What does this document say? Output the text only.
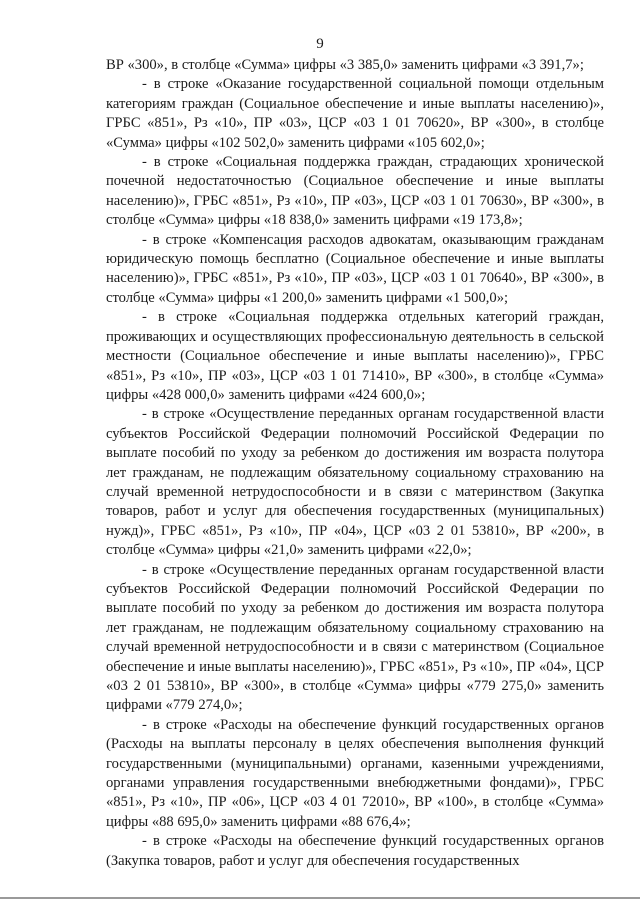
9

ВР «300», в столбце «Сумма» цифры «3 385,0» заменить цифрами «3 391,7»;

- в строке «Оказание государственной социальной помощи отдельным категориям граждан (Социальное обеспечение и иные выплаты населению)», ГРБС «851», Рз «10», ПР «03», ЦСР «03 1 01 70620», ВР «300», в столбце «Сумма» цифры «102 502,0» заменить цифрами «105 602,0»;

- в строке «Социальная поддержка граждан, страдающих хронической почечной недостаточностью (Социальное обеспечение и иные выплаты населению)», ГРБС «851», Рз «10», ПР «03», ЦСР «03 1 01 70630», ВР «300», в столбце «Сумма» цифры «18 838,0» заменить цифрами «19 173,8»;

- в строке «Компенсация расходов адвокатам, оказывающим гражданам юридическую помощь бесплатно (Социальное обеспечение и иные выплаты населению)», ГРБС «851», Рз «10», ПР «03», ЦСР «03 1 01 70640», ВР «300», в столбце «Сумма» цифры «1 200,0» заменить цифрами «1 500,0»;

- в строке «Социальная поддержка отдельных категорий граждан, проживающих и осуществляющих профессиональную деятельность в сельской местности (Социальное обеспечение и иные выплаты населению)», ГРБС «851», Рз «10», ПР «03», ЦСР «03 1 01 71410», ВР «300», в столбце «Сумма» цифры «428 000,0» заменить цифрами «424 600,0»;

- в строке «Осуществление переданных органам государственной власти субъектов Российской Федерации полномочий Российской Федерации по выплате пособий по уходу за ребенком до достижения им возраста полутора лет гражданам, не подлежащим обязательному социальному страхованию на случай временной нетрудоспособности и в связи с материнством (Закупка товаров, работ и услуг для обеспечения государственных (муниципальных) нужд)», ГРБС «851», Рз «10», ПР «04», ЦСР «03 2 01 53810», ВР «200», в столбце «Сумма» цифры «21,0» заменить цифрами «22,0»;

- в строке «Осуществление переданных органам государственной власти субъектов Российской Федерации полномочий Российской Федерации по выплате пособий по уходу за ребенком до достижения им возраста полутора лет гражданам, не подлежащим обязательному социальному страхованию на случай временной нетрудоспособности и в связи с материнством (Социальное обеспечение и иные выплаты населению)», ГРБС «851», Рз «10», ПР «04», ЦСР «03 2 01 53810», ВР «300», в столбце «Сумма» цифры «779 275,0» заменить цифрами «779 274,0»;

- в строке «Расходы на обеспечение функций государственных органов (Расходы на выплаты персоналу в целях обеспечения выполнения функций государственными (муниципальными) органами, казенными учреждениями, органами управления государственными внебюджетными фондами)», ГРБС «851», Рз «10», ПР «06», ЦСР «03 4 01 72010», ВР «100», в столбце «Сумма» цифры «88 695,0» заменить цифрами «88 676,4»;

- в строке «Расходы на обеспечение функций государственных органов (Закупка товаров, работ и услуг для обеспечения государственных
